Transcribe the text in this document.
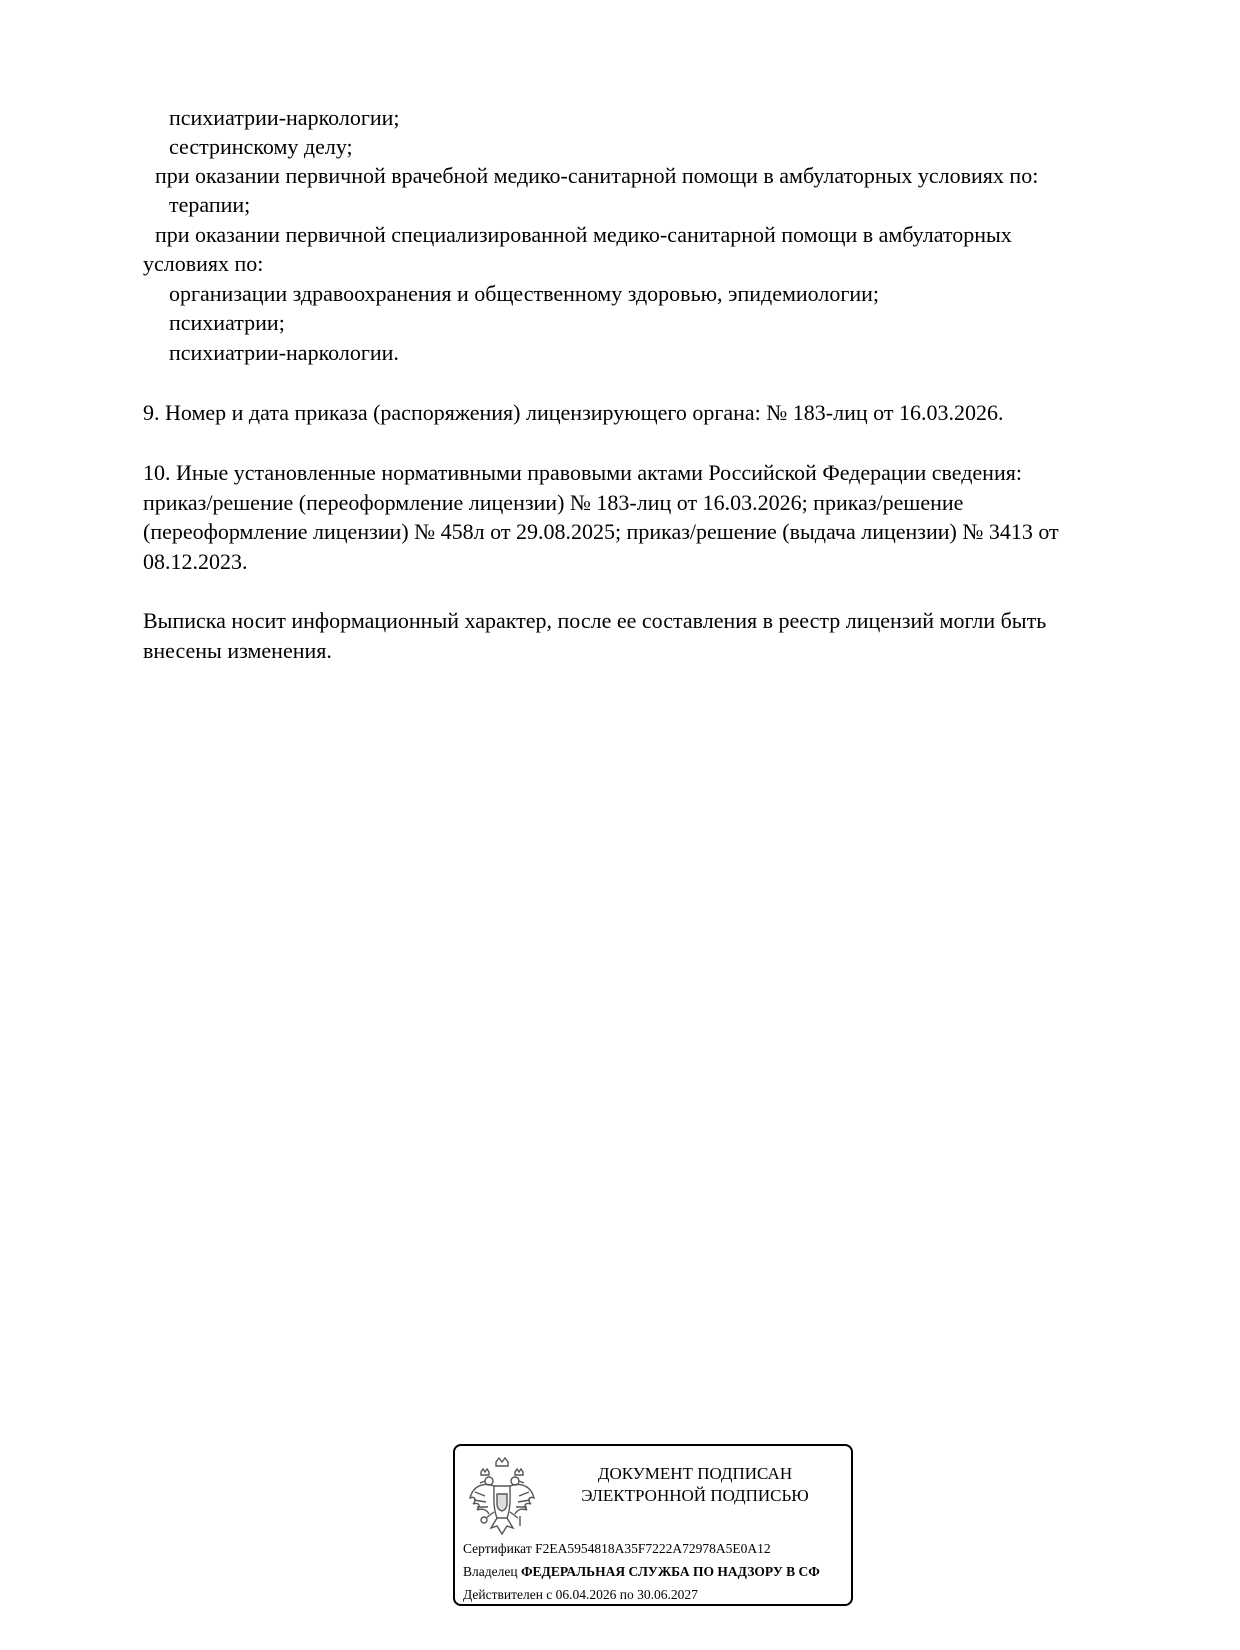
психиатрии-наркологии;
сестринскому делу;
при оказании первичной врачебной медико-санитарной помощи в амбулаторных условиях по:
терапии;
при оказании первичной специализированной медико-санитарной помощи в амбулаторных
условиях по:
организации здравоохранения и общественному здоровью, эпидемиологии;
психиатрии;
психиатрии-наркологии.
9. Номер и дата приказа (распоряжения) лицензирующего органа: № 183-лиц от 16.03.2026.
10. Иные установленные нормативными правовыми актами Российской Федерации сведения:
приказ/решение (переоформление лицензии) № 183-лиц от 16.03.2026; приказ/решение
(переоформление лицензии) № 458л от 29.08.2025; приказ/решение (выдача лицензии) № 3413 от
08.12.2023.
Выписка носит информационный характер, после ее составления в реестр лицензий могли быть
внесены изменения.
ДОКУМЕНТ ПОДПИСАН
ЭЛЕКТРОННОЙ ПОДПИСЬЮ
Сертификат F2EA5954818A35F7222A72978A5E0A12
Владелец ФЕДЕРАЛЬНАЯ СЛУЖБА ПО НАДЗОРУ В СФ
Действителен с 06.04.2026 по 30.06.2027
